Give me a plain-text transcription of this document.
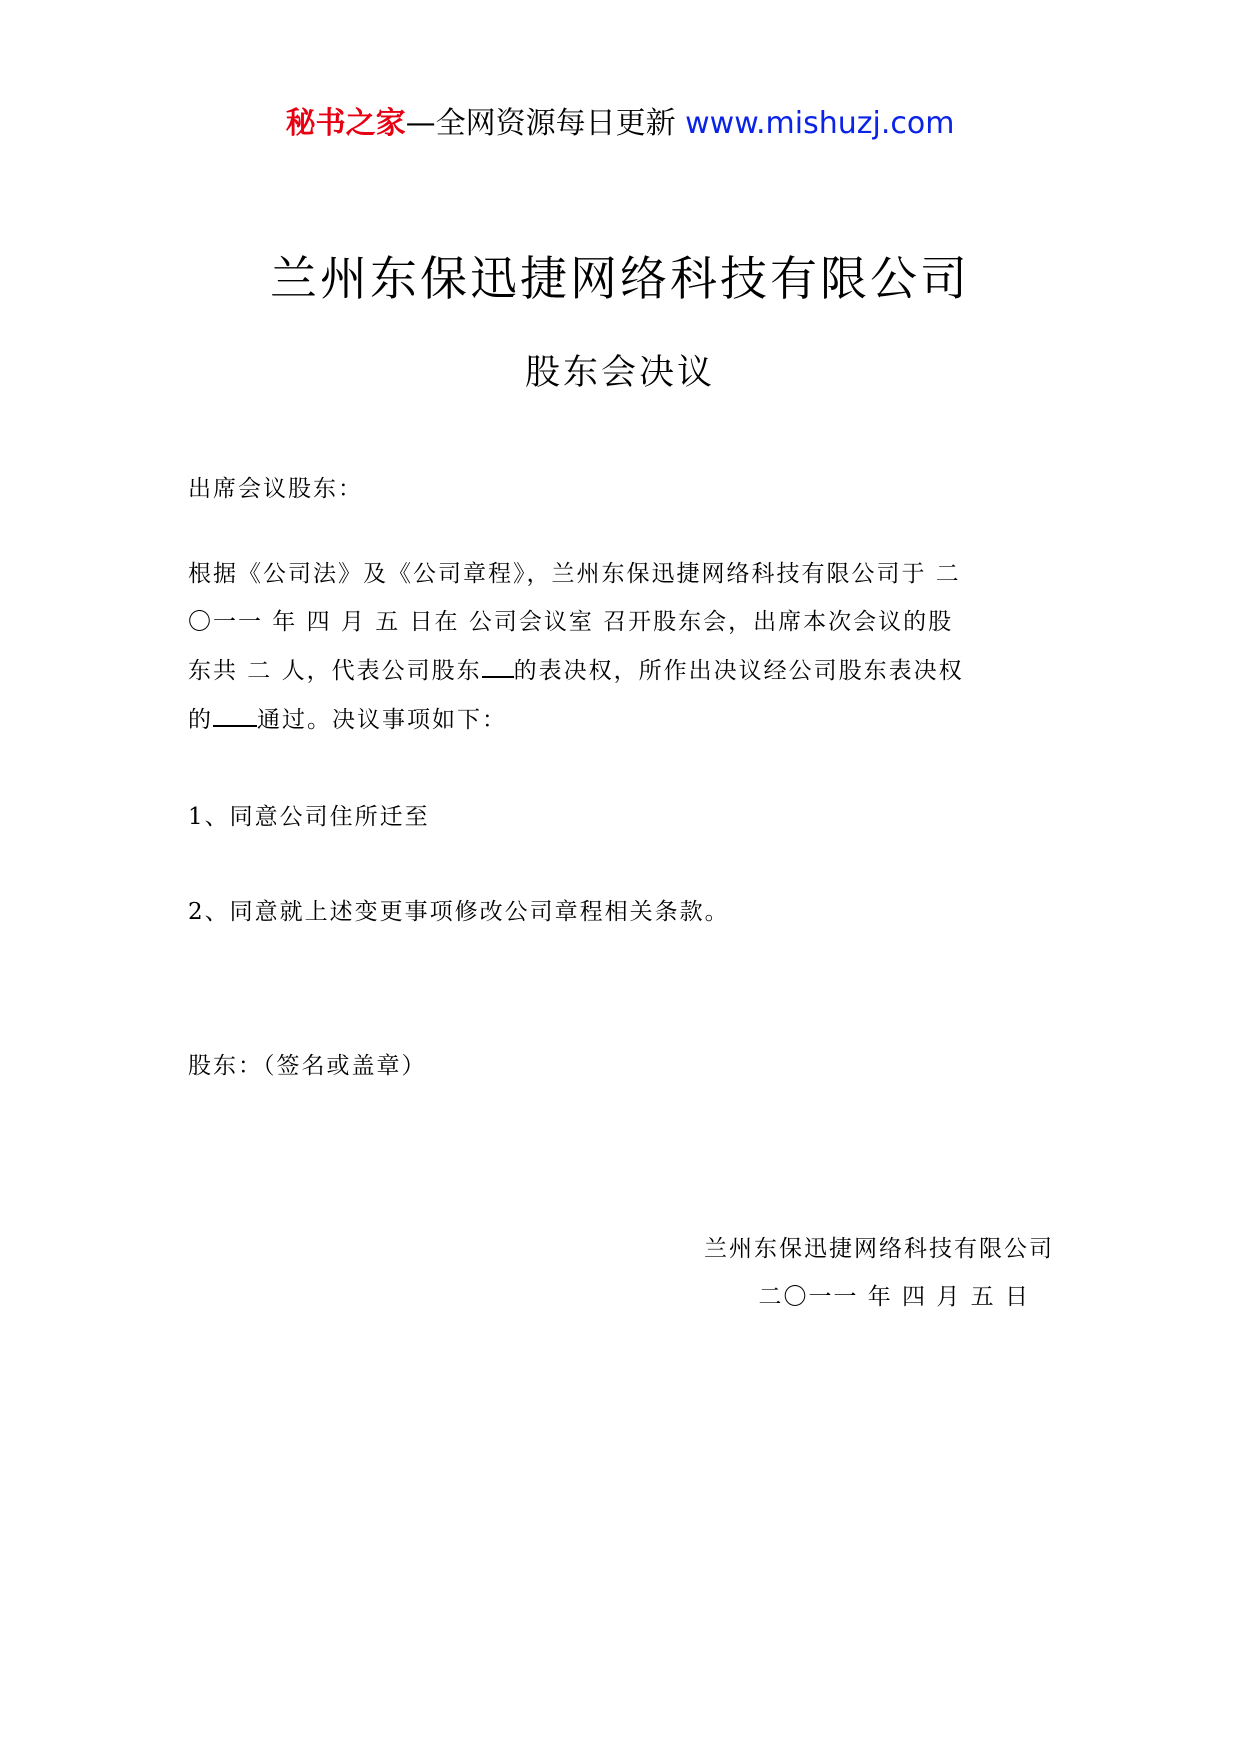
秘书之家—全网资源每日更新 www.mishuzj.com
兰州东保迅捷网络科技有限公司
股东会决议
出席会议股东：
根据《公司法》及《公司章程》，兰州东保迅捷网络科技有限公司于 二
〇一一 年 四 月 五 日在 公司会议室 召开股东会，出席本次会议的股
东共 二 人，代表公司股东 的表决权，所作出决议经公司股东表决权
的 通过。决议事项如下：
1、同意公司住所迁至
2、同意就上述变更事项修改公司章程相关条款。
股东：（签名或盖章）
兰州东保迅捷网络科技有限公司
二〇一一 年 四 月 五 日
